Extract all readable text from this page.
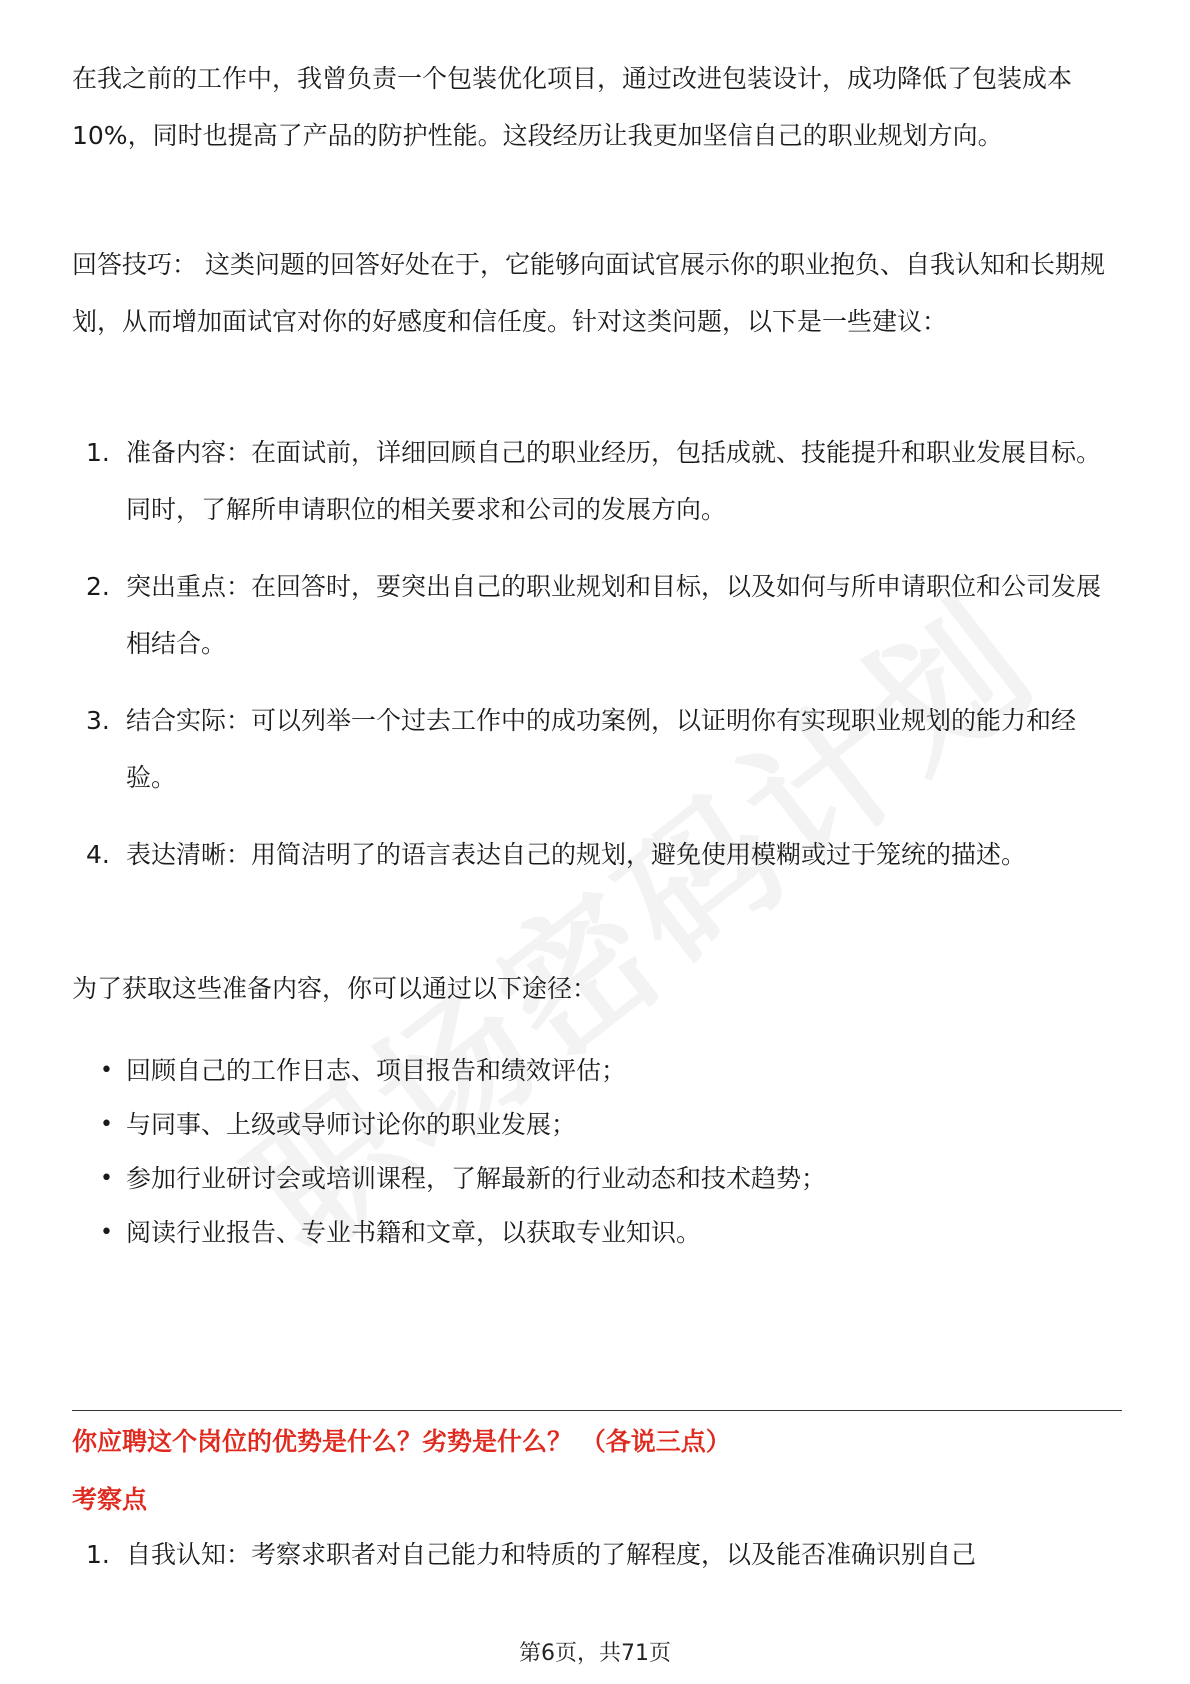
在我之前的工作中，我曾负责一个包装优化项目，通过改进包装设计，成功降低了包装成本10%，同时也提高了产品的防护性能。这段经历让我更加坚信自己的职业规划方向。

回答技巧： 这类问题的回答好处在于，它能够向面试官展示你的职业抱负、自我认知和长期规划，从而增加面试官对你的好感度和信任度。针对这类问题，以下是一些建议：

1. 准备内容：在面试前，详细回顾自己的职业经历，包括成就、技能提升和职业发展目标。同时，了解所申请职位的相关要求和公司的发展方向。
2. 突出重点：在回答时，要突出自己的职业规划和目标，以及如何与所申请职位和公司发展相结合。
3. 结合实际：可以列举一个过去工作中的成功案例，以证明你有实现职业规划的能力和经验。
4. 表达清晰：用简洁明了的语言表达自己的规划，避免使用模糊或过于笼统的描述。

为了获取这些准备内容，你可以通过以下途径：

• 回顾自己的工作日志、项目报告和绩效评估；
• 与同事、上级或导师讨论你的职业发展；
• 参加行业研讨会或培训课程，了解最新的行业动态和技术趋势；
• 阅读行业报告、专业书籍和文章，以获取专业知识。
你应聘这个岗位的优势是什么？劣势是什么？ （各说三点）
考察点
1. 自我认知：考察求职者对自己能力和特质的了解程度，以及能否准确识别自己
第6页，共71页
